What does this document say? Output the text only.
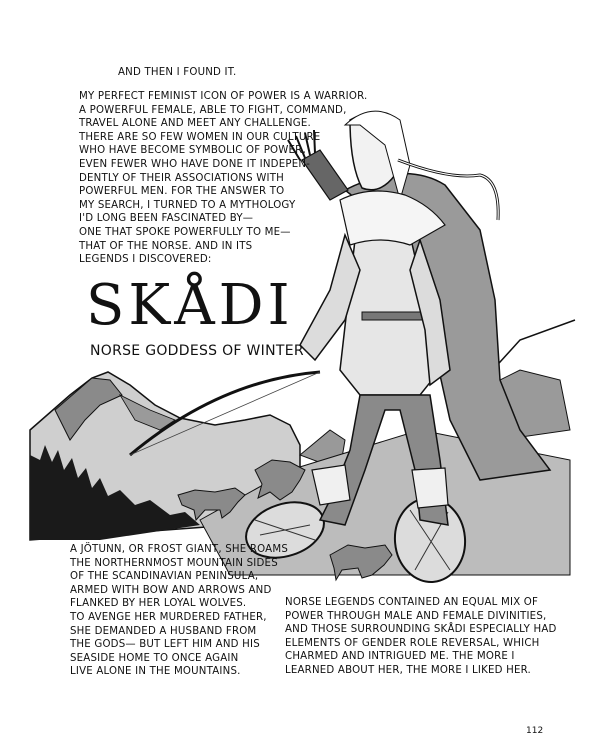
AND THEN I FOUND IT.
MY PERFECT FEMINIST ICON OF POWER IS A WARRIOR.
A POWERFUL FEMALE, ABLE TO FIGHT, COMMAND,
TRAVEL ALONE AND MEET ANY CHALLENGE.
THERE ARE SO FEW WOMEN IN OUR CULTURE
WHO HAVE BECOME SYMBOLIC OF POWER,
EVEN FEWER WHO HAVE DONE IT INDEPEN-
DENTLY OF THEIR ASSOCIATIONS WITH
POWERFUL MEN. FOR THE ANSWER TO
MY SEARCH, I TURNED TO A MYTHOLOGY
I'D LONG BEEN FASCINATED BY—
ONE THAT SPOKE POWERFULLY TO ME—
THAT OF THE NORSE. AND IN ITS
LEGENDS I DISCOVERED:
SKÅDI
NORSE GODDESS OF WINTER
A JÖTUNN, OR FROST GIANT, SHE ROAMS
THE NORTHERNMOST MOUNTAIN SIDES
OF THE SCANDINAVIAN PENINSULA,
ARMED WITH BOW AND ARROWS AND
FLANKED BY HER LOYAL WOLVES.
TO AVENGE HER MURDERED FATHER,
SHE DEMANDED A HUSBAND FROM
THE GODS— BUT LEFT HIM AND HIS
SEASIDE HOME TO ONCE AGAIN
LIVE ALONE IN THE MOUNTAINS.
NORSE LEGENDS CONTAINED AN EQUAL MIX OF
POWER THROUGH MALE AND FEMALE DIVINITIES,
AND THOSE SURROUNDING SKÅDI ESPECIALLY HAD
ELEMENTS OF GENDER ROLE REVERSAL, WHICH
CHARMED AND INTRIGUED ME. THE MORE I
LEARNED ABOUT HER, THE MORE I LIKED HER.
112
